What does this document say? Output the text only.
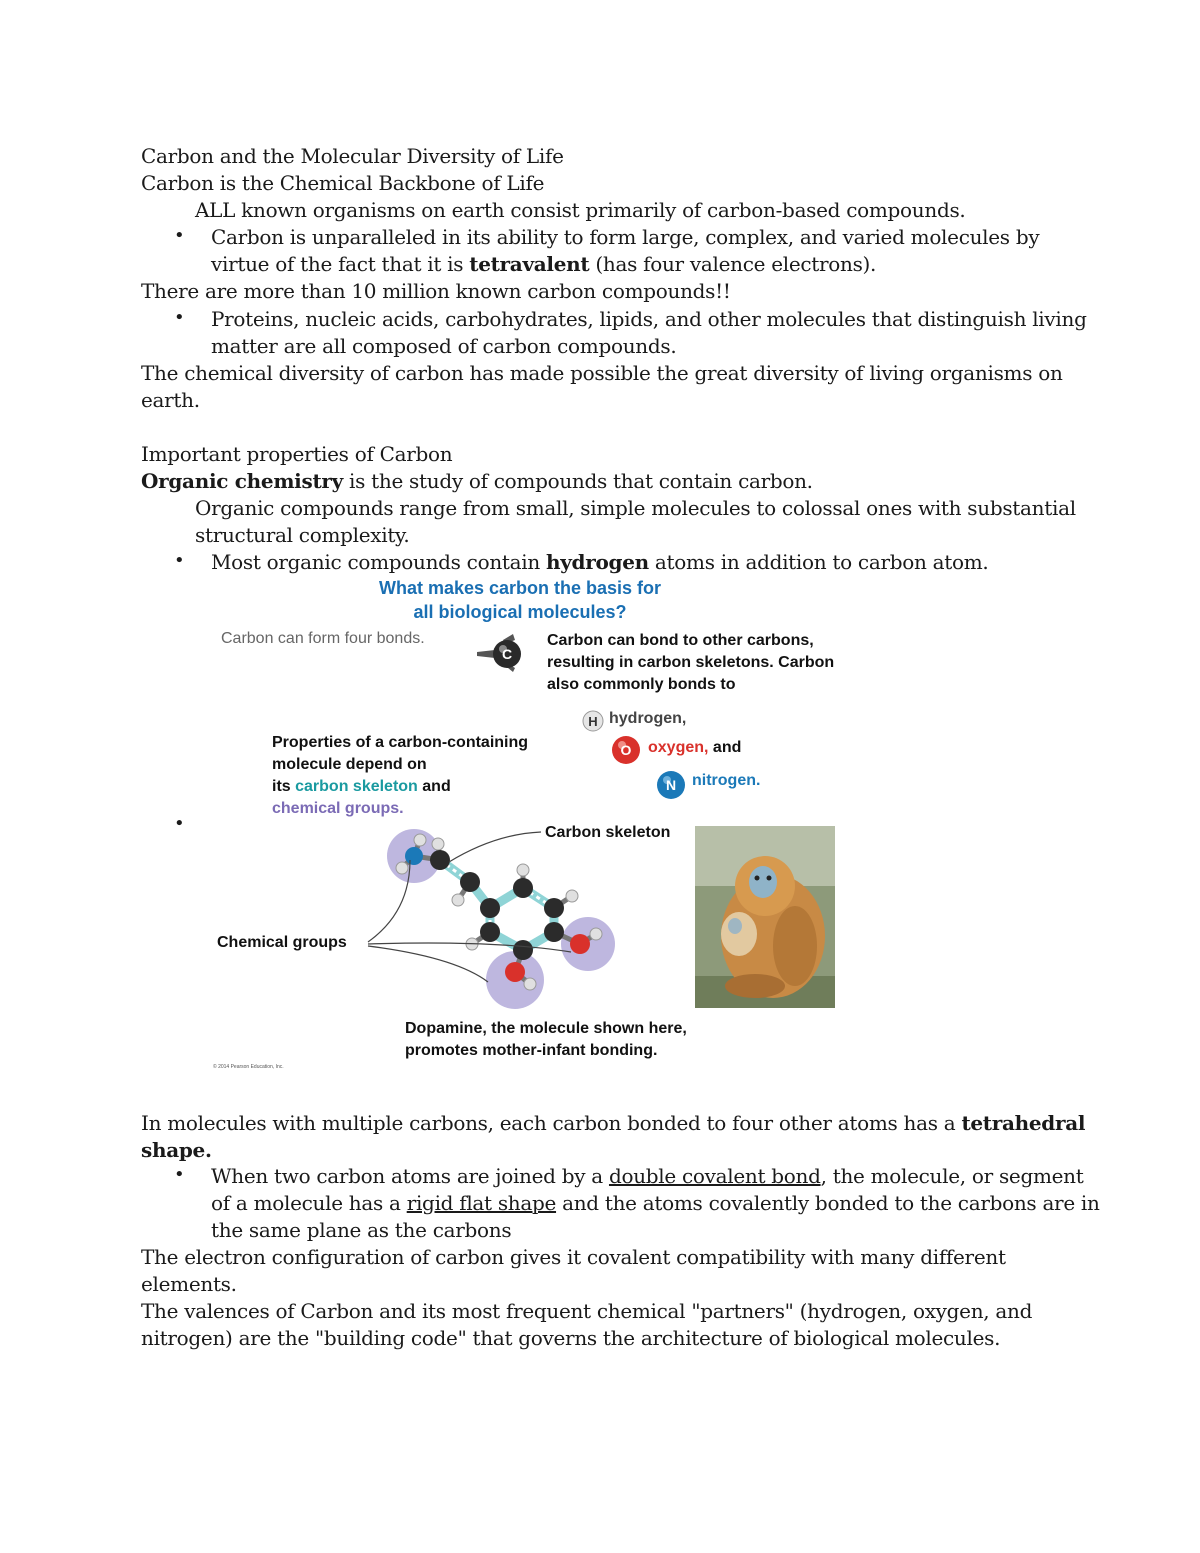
Carbon and the Molecular Diversity of Life
Carbon is the Chemical Backbone of Life
ALL known organisms on earth consist primarily of carbon-based compounds.
• Carbon is unparalleled in its ability to form large, complex, and varied molecules by
virtue of the fact that it is tetravalent (has four valence electrons).
There are more than 10 million known carbon compounds!!
• Proteins, nucleic acids, carbohydrates, lipids, and other molecules that distinguish living
matter are all composed of carbon compounds.
The chemical diversity of carbon has made possible the great diversity of living organisms on
earth.
Important properties of Carbon
Organic chemistry is the study of compounds that contain carbon.
Organic compounds range from small, simple molecules to colossal ones with substantial
structural complexity.
• Most organic compounds contain hydrogen atoms in addition to carbon atom.
•
What makes carbon the basis for
all biological molecules?
Carbon can form four bonds.
C
Carbon can bond to other carbons,
resulting in carbon skeletons. Carbon
also commonly bonds to
H hydrogen,
O oxygen, and
N nitrogen.
Properties of a carbon-containing
molecule depend on
its carbon skeleton and
chemical groups.
Carbon skeleton
Chemical groups
Dopamine, the molecule shown here,
promotes mother-infant bonding.
© 2014 Pearson Education, Inc.
In molecules with multiple carbons, each carbon bonded to four other atoms has a tetrahedral
shape.
• When two carbon atoms are joined by a double covalent bond, the molecule, or segment
of a molecule has a rigid flat shape and the atoms covalently bonded to the carbons are in
the same plane as the carbons
The electron configuration of carbon gives it covalent compatibility with many different
elements.
The valences of Carbon and its most frequent chemical "partners" (hydrogen, oxygen, and
nitrogen) are the "building code" that governs the architecture of biological molecules.
